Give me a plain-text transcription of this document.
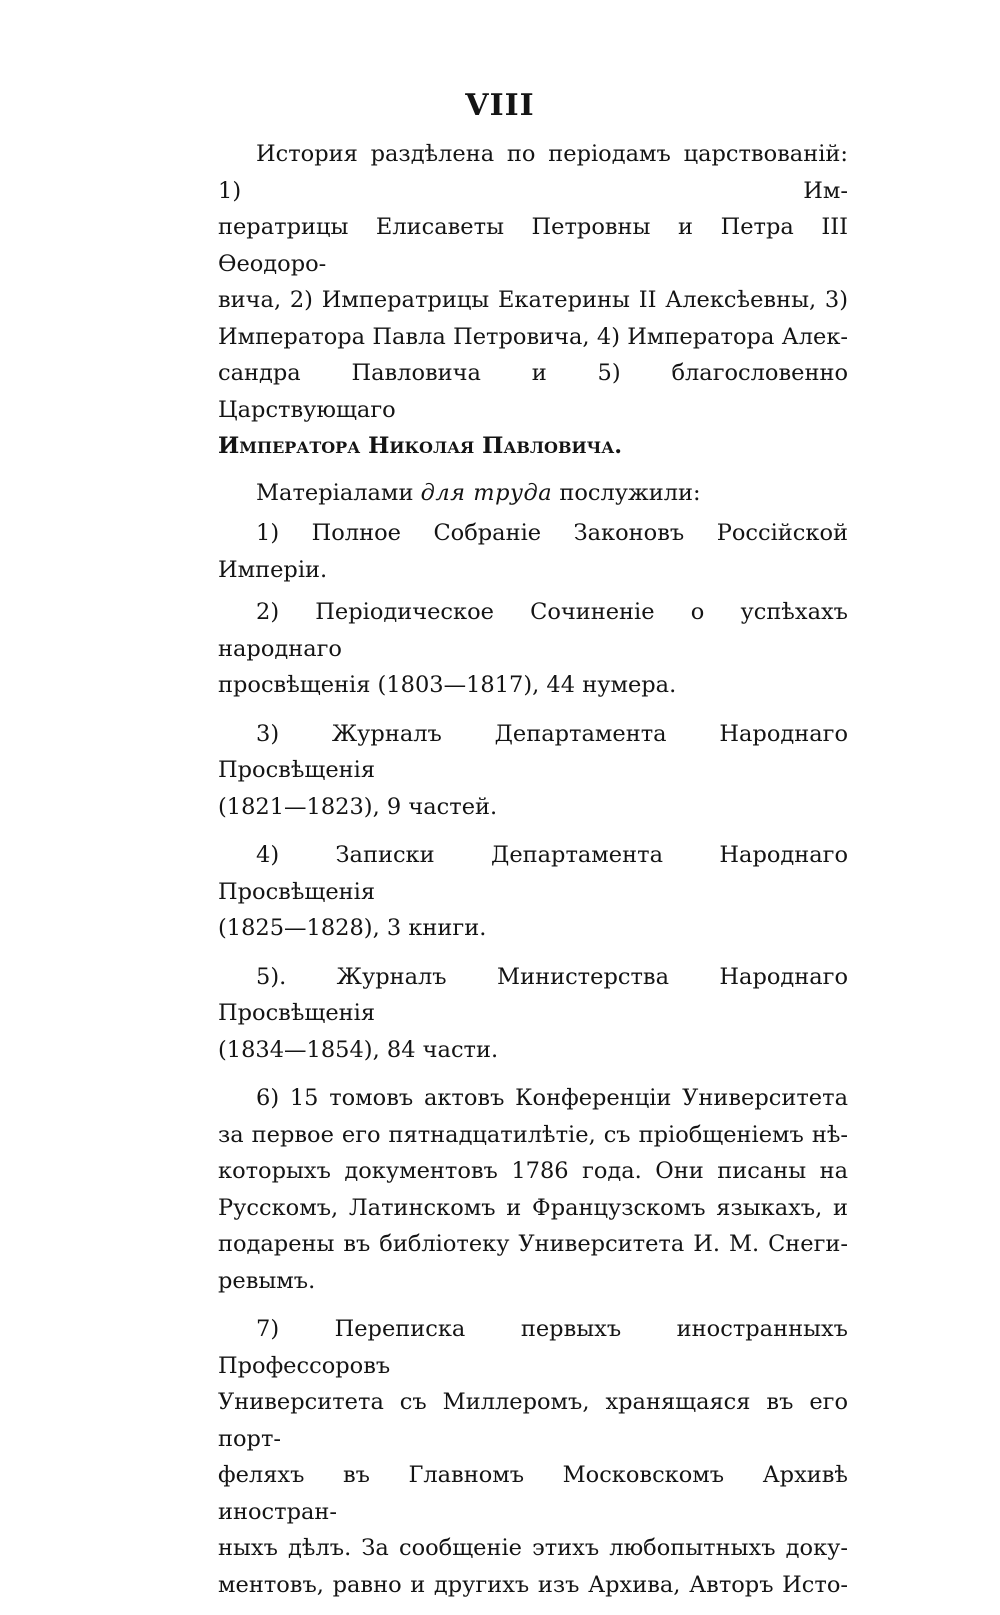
VIII

История раздѣлена по періодамъ царствованій: 1) Им-
ператрицы Елисаветы Петровны и Петра III Ѳеодоро-
вича, 2) Императрицы Екатерины II Алексѣевны, 3)
Императора Павла Петровича, 4) Императора Алек-
сандра Павловича и 5) благословенно Царствующаго
Императора Николая Павловича.

Матеріалами для труда послужили:

1) Полное Собраніе Законовъ Россійской Имперіи.

2) Періодическое Сочиненіе о успѣхахъ народнаго
просвѣщенія (1803—1817), 44 нумера.

3) Журналъ Департамента Народнаго Просвѣщенія
(1821—1823), 9 частей.

4) Записки Департамента Народнаго Просвѣщенія
(1825—1828), 3 книги.

5). Журналъ Министерства Народнаго Просвѣщенія
(1834—1854), 84 части.

6) 15 томовъ актовъ Конференціи Университета
за первое его пятнадцатилѣтіе, съ пріобщеніемъ нѣ-
которыхъ документовъ 1786 года. Они писаны на
Русскомъ, Латинскомъ и Французскомъ языкахъ, и
подарены въ библіотеку Университета И. М. Снеги-
ревымъ.

7) Переписка первыхъ иностранныхъ Профессоровъ
Университета съ Миллеромъ, хранящаяся въ его порт-
феляхъ въ Главномъ Московскомъ Архивѣ иностран-
ныхъ дѣлъ. За сообщеніе этихъ любопытныхъ доку-
ментовъ, равно и другихъ изъ Архива, Авторъ Исто-
